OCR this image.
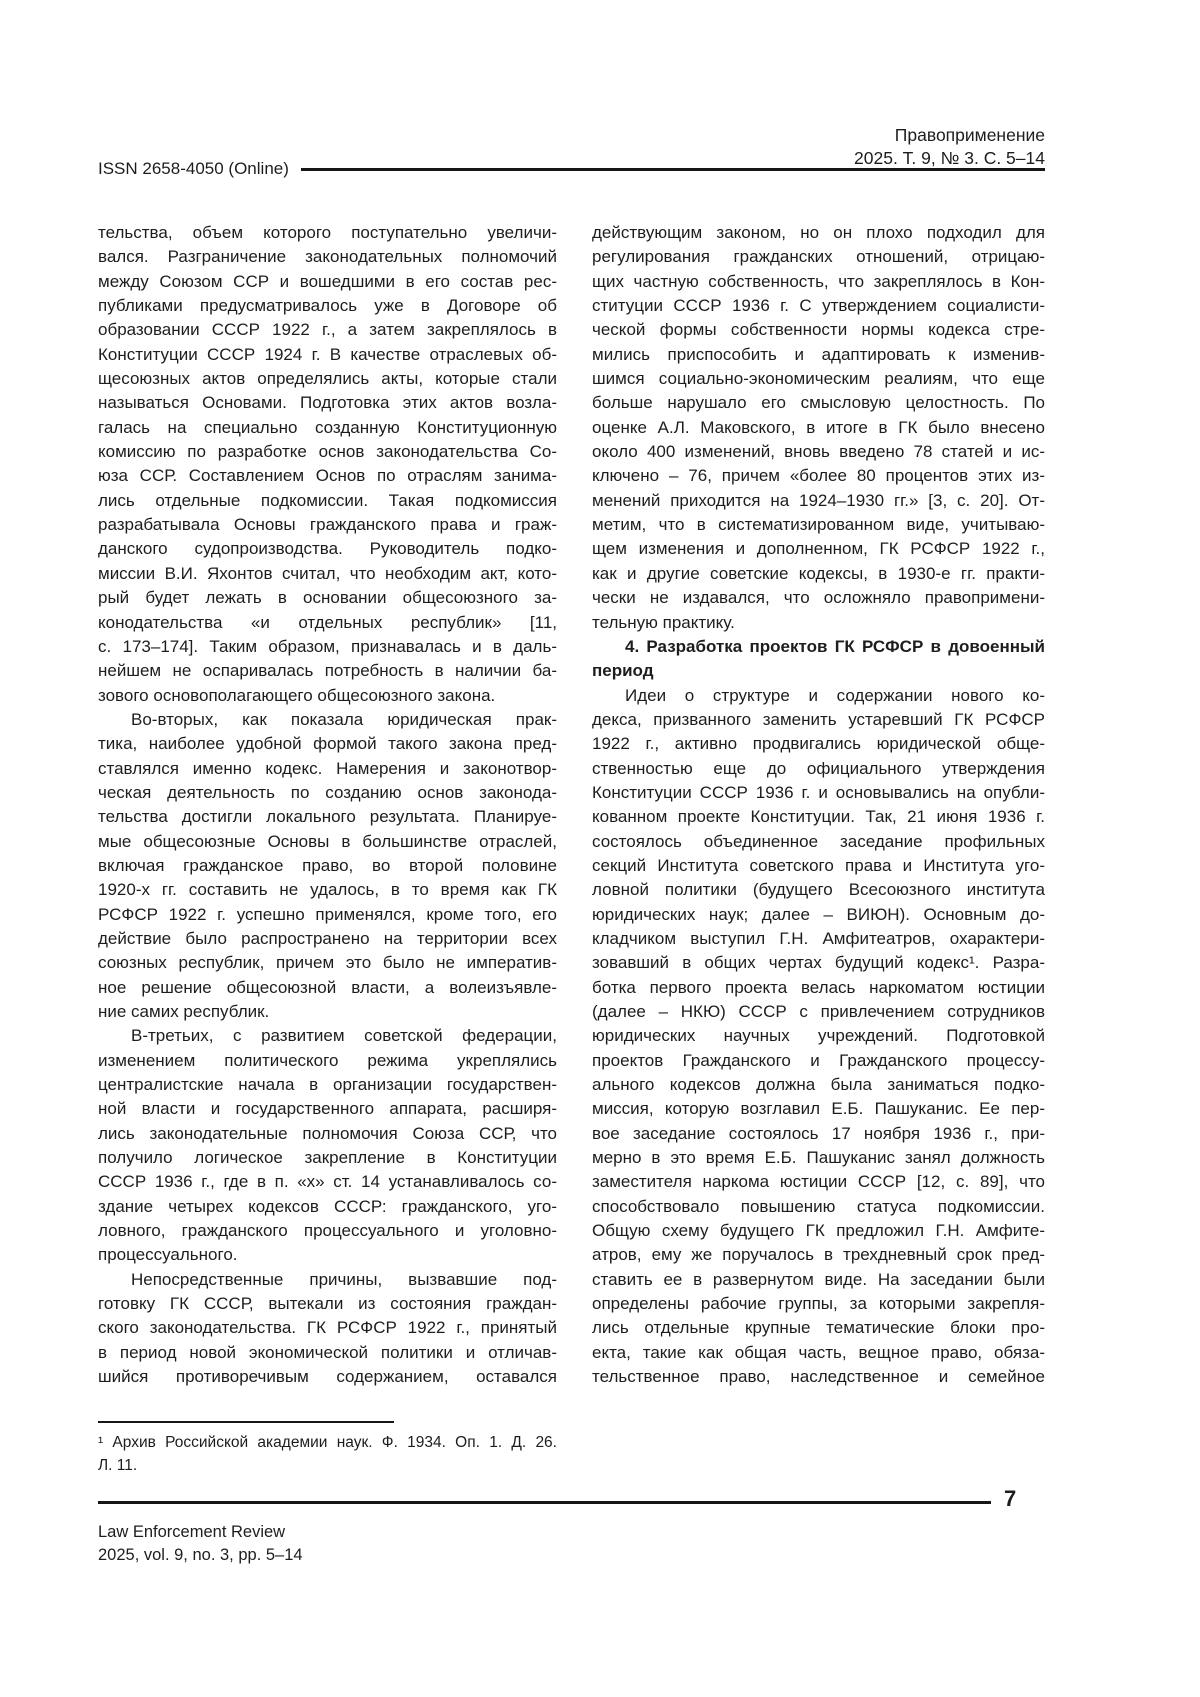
Правоприменение
2025. Т. 9, № 3. С. 5–14
ISSN 2658-4050 (Online)
тельства, объем которого поступательно увеличи-
вался. Разграничение законодательных полномочий
между Союзом ССР и вошедшими в его состав рес-
публиками предусматривалось уже в Договоре об
образовании СССР 1922 г., а затем закреплялось в
Конституции СССР 1924 г. В качестве отраслевых об-
щесоюзных актов определялись акты, которые стали
называться Основами. Подготовка этих актов возла-
галась на специально созданную Конституционную
комиссию по разработке основ законодательства Со-
юза ССР. Составлением Основ по отраслям занима-
лись отдельные подкомиссии. Такая подкомиссия
разрабатывала Основы гражданского права и граж-
данского судопроизводства. Руководитель подко-
миссии В.И. Яхонтов считал, что необходим акт, кото-
рый будет лежать в основании общесоюзного за-
конодательства «и отдельных республик» [11,
с. 173–174]. Таким образом, признавалась и в даль-
нейшем не оспаривалась потребность в наличии ба-
зового основополагающего общесоюзного закона.
Во-вторых, как показала юридическая прак-
тика, наиболее удобной формой такого закона пред-
ставлялся именно кодекс. Намерения и законотвор-
ческая деятельность по созданию основ законода-
тельства достигли локального результата. Планируе-
мые общесоюзные Основы в большинстве отраслей,
включая гражданское право, во второй половине
1920-х гг. составить не удалось, в то время как ГК
РСФСР 1922 г. успешно применялся, кроме того, его
действие было распространено на территории всех
союзных республик, причем это было не императив-
ное решение общесоюзной власти, а волеизъявле-
ние самих республик.
В-третьих, с развитием советской федерации,
изменением политического режима укреплялись
централистские начала в организации государствен-
ной власти и государственного аппарата, расширя-
лись законодательные полномочия Союза ССР, что
получило логическое закрепление в Конституции
СССР 1936 г., где в п. «х» ст. 14 устанавливалось со-
здание четырех кодексов СССР: гражданского, уго-
ловного, гражданского процессуального и уголовно-
процессуального.
Непосредственные причины, вызвавшие под-
готовку ГК СССР, вытекали из состояния граждан-
ского законодательства. ГК РСФСР 1922 г., принятый
в период новой экономической политики и отличав-
шийся противоречивым содержанием, оставался
действующим законом, но он плохо подходил для
регулирования гражданских отношений, отрицаю-
щих частную собственность, что закреплялось в Кон-
ституции СССР 1936 г. С утверждением социалисти-
ческой формы собственности нормы кодекса стре-
мились приспособить и адаптировать к изменив-
шимся социально-экономическим реалиям, что еще
больше нарушало его смысловую целостность. По
оценке А.Л. Маковского, в итоге в ГК было внесено
около 400 изменений, вновь введено 78 статей и ис-
ключено – 76, причем «более 80 процентов этих из-
менений приходится на 1924–1930 гг.» [3, с. 20]. От-
метим, что в систематизированном виде, учитываю-
щем изменения и дополненном, ГК РСФСР 1922 г.,
как и другие советские кодексы, в 1930-е гг. практи-
чески не издавался, что осложняло правопримени-
тельную практику.
4. Разработка проектов ГК РСФСР в довоенный
период
Идеи о структуре и содержании нового ко-
декса, призванного заменить устаревший ГК РСФСР
1922 г., активно продвигались юридической обще-
ственностью еще до официального утверждения
Конституции СССР 1936 г. и основывались на опубли-
кованном проекте Конституции. Так, 21 июня 1936 г.
состоялось объединенное заседание профильных
секций Института советского права и Института уго-
ловной политики (будущего Всесоюзного института
юридических наук; далее – ВИЮН). Основным до-
кладчиком выступил Г.Н. Амфитеатров, охарактери-
зовавший в общих чертах будущий кодекс¹. Разра-
ботка первого проекта велась наркоматом юстиции
(далее – НКЮ) СССР с привлечением сотрудников
юридических научных учреждений. Подготовкой
проектов Гражданского и Гражданского процессу-
ального кодексов должна была заниматься подко-
миссия, которую возглавил Е.Б. Пашуканис. Ее пер-
вое заседание состоялось 17 ноября 1936 г., при-
мерно в это время Е.Б. Пашуканис занял должность
заместителя наркома юстиции СССР [12, с. 89], что
способствовало повышению статуса подкомиссии.
Общую схему будущего ГК предложил Г.Н. Амфите-
атров, ему же поручалось в трехдневный срок пред-
ставить ее в развернутом виде. На заседании были
определены рабочие группы, за которыми закрепля-
лись отдельные крупные тематические блоки про-
екта, такие как общая часть, вещное право, обяза-
тельственное право, наследственное и семейное
¹ Архив Российской академии наук. Ф. 1934. Оп. 1. Д. 26.
Л. 11.
7
Law Enforcement Review
2025, vol. 9, no. 3, pp. 5–14
